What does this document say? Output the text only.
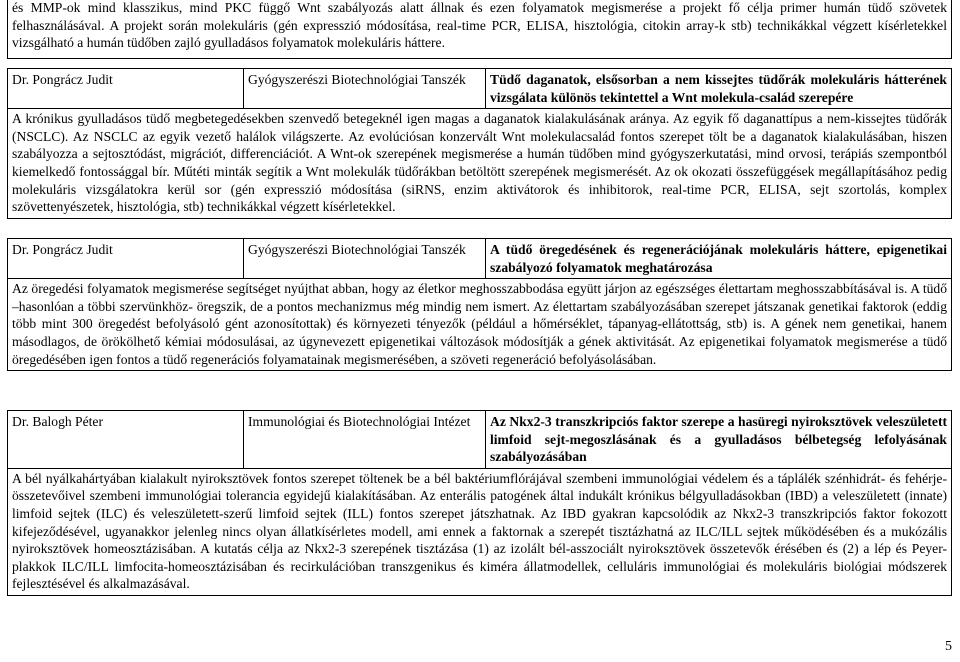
és MMP-ok mind klasszikus, mind PKC függő Wnt szabályozás alatt állnak és ezen folyamatok megismerése a projekt fő célja primer humán tüdő szövetek felhasználásával. A projekt során molekuláris (gén expresszió módosítása, real-time PCR, ELISA, hisztológia, citokin array-k stb) technikákkal végzett kísérletekkel vizsgálható a humán tüdőben zajló gyulladásos folyamatok molekuláris háttere.
Dr. Pongrácz Judit	Gyógyszerészi Biotechnológiai Tanszék	Tüdő daganatok, elsősorban a nem kissejtes tüdőrák molekuláris hátterének vizsgálata különös tekintettel a Wnt molekula-család szerepére
A krónikus gyulladásos tüdő megbetegedésekben szenvedő betegeknél igen magas a daganatok kialakulásának aránya. Az egyik fő daganattípus a nem-kissejtes tüdőrák (NSCLC). Az NSCLC az egyik vezető halálok világszerte. Az evolúciósan konzervált Wnt molekulacsalád fontos szerepet tölt be a daganatok kialakulásában, hiszen szabályozza a sejtosztódást, migrációt, differenciációt. A Wnt-ok szerepének megismerése a humán tüdőben mind gyógyszerkutatási, mind orvosi, terápiás szempontból kiemelkedő fontossággal bír. Műtéti minták segítik a Wnt molekulák tüdőrákban betöltött szerepének megismerését. Az ok okozati összefüggések megállapításához pedig molekuláris vizsgálatokra kerül sor (gén expresszió módosítása (siRNS, enzim aktivátorok és inhibitorok, real-time PCR, ELISA, sejt szortolás, komplex szövettenyészetek, hisztológia, stb) technikákkal végzett kísérletekkel.
Dr. Pongrácz Judit	Gyógyszerészi Biotechnológiai Tanszék	A tüdő öregedésének és regenerációjának molekuláris háttere, epigenetikai szabályozó folyamatok meghatározása
Az öregedési folyamatok megismerése segítséget nyújthat abban, hogy az életkor meghosszabbodása együtt járjon az egészséges élettartam meghosszabbításával is. A tüdő –hasonlóan a többi szervünkhöz- öregszik, de a pontos mechanizmus még mindig nem ismert. Az élettartam szabályozásában szerepet játszanak genetikai faktorok (eddig több mint 300 öregedést befolyásoló gént azonosítottak) és környezeti tényezők (például a hőmérséklet, tápanyag-ellátottság, stb) is. A gének nem genetikai, hanem másodlagos, de örökölhető kémiai módosulásai, az úgynevezett epigenetikai változások módosítják a gének aktivitását. Az epigenetikai folyamatok megismerése a tüdő öregedésében igen fontos a tüdő regenerációs folyamatainak megismerésében, a szöveti regeneráció befolyásolásában.
Dr. Balogh Péter	Immunológiai és Biotechnológiai Intézet	Az Nkx2-3 transzkripciós faktor szerepe a hasüregi nyiroksztövek veleszületett limfoid sejt-megoszlásának és a gyulladásos bélbetegség lefolyásának szabályozásában
A bél nyálkahártyában kialakult nyiroksztövek fontos szerepet töltenek be a bél baktériumflórájával szembeni immunológiai védelem és a táplálék szénhidrát- és fehérje-összetevőivel szembeni immunológiai tolerancia egyidejű kialakításában. Az enterális patogének által indukált krónikus bélgyulladásokban (IBD) a veleszületett (innate) limfoid sejtek (ILC) és veleszületett-szerű limfoid sejtek (ILL) fontos szerepet játszhatnak. Az IBD gyakran kapcsolódik az Nkx2-3 transzkripciós faktor fokozott kifejeződésével, ugyanakkor jelenleg nincs olyan állatkísérletes modell, ami ennek a faktornak a szerepét tisztázhatná az ILC/ILL sejtek működésében és a mukózális nyiroksztövek homeosztázisában. A kutatás célja az Nkx2-3 szerepének tisztázása (1) az izolált bél-asszociált nyiroksztövek összetevők érésében és (2) a lép és Peyer-plakkok ILC/ILL limfocita-homeosztázisában és recirkulációban transzgenikus és kiméra állatmodellek, celluláris immunológiai és molekuláris biológiai módszerek fejlesztésével és alkalmazásával.
5
